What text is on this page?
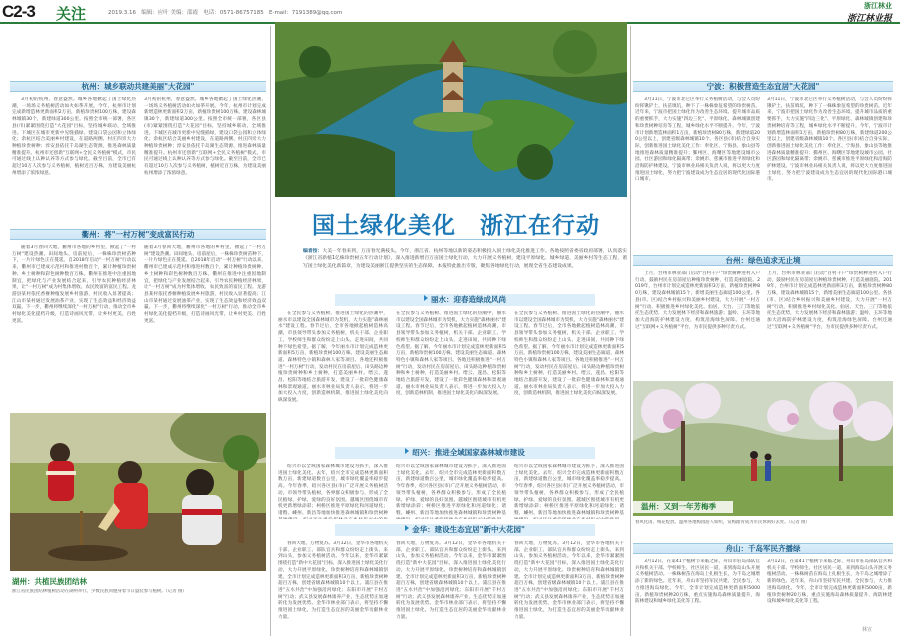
C2-3 关注	2019.3.16 编辑：应叶 美编：邵霞 电话：0571-86757185 E-mail：7191389@qq.com
浙江林业
浙江林业报
杭州：城乡联动共建美丽"大花园"
3月初的杭州，春意盎然。城乡各地掀起了国土绿化热潮，一场场义务植树活动如火如荼开展。今年，杭州市计划完成新增造林更新面积2万亩，新植珍贵树100万株，建设森林城镇30个，新建绿道300公里。按照全市统一部署，各区县(市)紧紧围绕打造"大花园"目标，坚持城乡联动、全域推进。下城区在城市更新中见缝插绿，建设口袋公园和立体绿化；余杭区结合美丽乡村建设，在道路两侧、村庄四旁大力种植珍贵树种；淳安县依托千岛湖生态资源，推进森林质量精准提升。杭州市还创新"互联网+全民义务植树"模式，市民可通过线上认种认养等方式参与绿化。截至目前，全市已有超过10万人次参与义务植树，植树近百万株，为建设美丽杭州增添了浓浓绿意。
3月初的杭州，春意盎然。城乡各地掀起了国土绿化热潮，一场场义务植树活动如火如荼开展。今年，杭州市计划完成新增造林更新面积2万亩，新植珍贵树100万株，建设森林城镇30个，新建绿道300公里。按照全市统一部署，各区县(市)紧紧围绕打造"大花园"目标，坚持城乡联动、全域推进。下城区在城市更新中见缝插绿，建设口袋公园和立体绿化；余杭区结合美丽乡村建设，在道路两侧、村庄四旁大力种植珍贵树种；淳安县依托千岛湖生态资源，推进森林质量精准提升。杭州市还创新"互联网+全民义务植树"模式，市民可通过线上认种认养等方式参与绿化。截至目前，全市已有超过10万人次参与义务植树，植树近百万株，为建设美丽杭州增添了浓浓绿意。
衢州：将"一村万树"变成富民行动
随着3月春回大地，衢州市各地的乡村里，掀起了"一村万树"建设热潮。田间地头、房前屋后，一株株珍贵树苗种下，一片片绿色正在蔓延。自2018年启动"一村万树"行动以来，衢州市已建成示范村和推进村数百个，累计种植珍贵树种、乡土树种和彩色树种数百万株。衢州在推进中注重因地制宜，把绿化与产业发展结合起来，引导农民种植经济林果，让"一村万树"成为村集体增收、农民致富的富民工程。龙游县某村依托香榧种植发展乡村旅游，村民收入显著提高；江山市某村通过发展油茶产业，实现了生态效益和经济效益双赢。下一步，衢州将继续深化"一村万树"行动，推动全市乡村绿化美化提档升级，打造诗画风光带，让乡村更美、百姓更富。
随着3月春回大地，衢州市各地的乡村里，掀起了"一村万树"建设热潮。田间地头、房前屋后，一株株珍贵树苗种下，一片片绿色正在蔓延。自2018年启动"一村万树"行动以来，衢州市已建成示范村和推进村数百个，累计种植珍贵树种、乡土树种和彩色树种数百万株。衢州在推进中注重因地制宜，把绿化与产业发展结合起来，引导农民种植经济林果，让"一村万树"成为村集体增收、农民致富的富民工程。龙游县某村依托香榧种植发展乡村旅游，村民收入显著提高；江山市某村通过发展油茶产业，实现了生态效益和经济效益双赢。下一步，衢州将继续深化"一村万树"行动，推动全市乡村绿化美化提档升级，打造诗画风光带，让乡村更美、百姓更富。
湖州：共植民族团结林
浙江省民族团结林植树活动在湖州举行。少数民族同胞身着节日盛装参与植树。（记者 摄）
国土绿化美化　浙江在行动
编者按：大美一年春来到，万亩春光满枝头。今年，浙江省、杭州等地以新的姿态积极投入国土绿化美化推进工作。各地按照省委省政府部署，认真落实《浙江省新植1亿株珍贵树五年行动计划》，深入推进新增百万亩国土绿化行动，大力开展义务植树，建设平原绿化、城乡绿道、美丽乡村等生态工程，谱写国土绿化美化新篇章，为建设美丽浙江提供坚实的生态保障。本报特此推出专版，聚焦各地绿化行动，展现全省生态建设成果。
丽水：迎春造绿成风尚
在全民参与义务植树、推进国土绿化的热潮中，丽水市以建设全国森林城市为契机，大力实施"森林丽水"建设工程。春节过后，全市各地掀起植树造林高潮，市县领导带头参加义务植树，机关干部、企业职工、学校师生和群众纷纷走上山头、走进田间，共同种下绿色希望。据了解，今年丽水市计划完成造林更新面积5万亩，新植珍贵树100万株，建设美丽生态廊道、森林特色小镇和森林人家等项目。各地还积极推进"一村万树"行动，发动村民在房前屋后、田头路边种植珍贵树种和乡土树种，打造美丽乡村。缙云、遂昌、松阳等地结合旅游开发，建设了一批彩色健康森林和景观通道。丽水市林业局负责人表示，将进一步加大投入力度，创新造林机制，推进国土绿化美化向纵深发展。
在全民参与义务植树、推进国土绿化的热潮中，丽水市以建设全国森林城市为契机，大力实施"森林丽水"建设工程。春节过后，全市各地掀起植树造林高潮，市县领导带头参加义务植树，机关干部、企业职工、学校师生和群众纷纷走上山头、走进田间，共同种下绿色希望。据了解，今年丽水市计划完成造林更新面积5万亩，新植珍贵树100万株，建设美丽生态廊道、森林特色小镇和森林人家等项目。各地还积极推进"一村万树"行动，发动村民在房前屋后、田头路边种植珍贵树种和乡土树种，打造美丽乡村。缙云、遂昌、松阳等地结合旅游开发，建设了一批彩色健康森林和景观通道。丽水市林业局负责人表示，将进一步加大投入力度，创新造林机制，推进国土绿化美化向纵深发展。
在全民参与义务植树、推进国土绿化的热潮中，丽水市以建设全国森林城市为契机，大力实施"森林丽水"建设工程。春节过后，全市各地掀起植树造林高潮，市县领导带头参加义务植树，机关干部、企业职工、学校师生和群众纷纷走上山头、走进田间，共同种下绿色希望。据了解，今年丽水市计划完成造林更新面积5万亩，新植珍贵树100万株，建设美丽生态廊道、森林特色小镇和森林人家等项目。各地还积极推进"一村万树"行动，发动村民在房前屋后、田头路边种植珍贵树种和乡土树种，打造美丽乡村。缙云、遂昌、松阳等地结合旅游开发，建设了一批彩色健康森林和景观通道。丽水市林业局负责人表示，将进一步加大投入力度，创新造林机制，推进国土绿化美化向纵深发展。
绍兴：推进全域国家森林城市建设
绍兴市以全域国家森林城市建设为抓手，深入推进国土绿化美化。去年，绍兴全市完成造林更新面积数万亩，新建绿道数百公里，城市绿化覆盖率稳步提高。今年春季，绍兴各区县(市)广泛开展义务植树活动，市领导带头植树，各界群众积极参与，形成了全民植绿、护绿、爱绿的良好氛围。越城区围绕城市有机更新增绿添彩；柯桥区推进平原绿化和河道绿化；诸暨、嵊州、新昌等地加快推进森林城镇和珍贵树种
绍兴市以全域国家森林城市建设为抓手，深入推进国土绿化美化。去年，绍兴全市完成造林更新面积数万亩，新建绿道数百公里，城市绿化覆盖率稳步提高。今年春季，绍兴各区县(市)广泛开展义务植树活动，市领导带头植树，各界群众积极参与，形成了全民植绿、护绿、爱绿的良好氛围。越城区围绕城市有机更新增绿添彩；柯桥区推进平原绿化和河道绿化；诸暨、嵊州、新昌等地加快推进森林城镇和珍贵树种基
绍兴市以全域国家森林城市建设为抓手，深入推进国土绿化美化。去年，绍兴全市完成造林更新面积数万亩，新建绿道数百公里，城市绿化覆盖率稳步提高。今年春季，绍兴各区县(市)广泛开展义务植树活动，市领导带头植树，各界群众积极参与，形成了全民植绿、护绿、爱绿的良好氛围。越城区围绕城市有机更新增绿添彩；柯桥区推进平原绿化和河道绿化；诸暨、嵊州、新昌等地加快推进森林城镇和珍贵树种基
金华：建设生态宜居"新中大花园"
春回大地，万物复苏。3月12日，金华市各地机关干部、企业职工、部队官兵和群众纷纷走上街头、来到山头，参加义务植树活动。今年以来，金华市紧紧围绕打造"新中大花园"目标，深入推进国土绿化美化行动，大力开展平原绿化、珍贵树种培育和森林城镇创建。全市计划完成造林更新面积3万亩，新植珍贵树种超百万株，创建省级森林城镇10个以上。浦江县在推进"五水共治"中加强沿河绿化；东阳市开展"千村万树"行动；武义县发展森林康养产业，生态优势正加速转化为发展优势。金华市林业部门表示，将坚持不懈推进国土绿化，为打造生态宜居的美丽金华贡献林业力量。
春回大地，万物复苏。3月12日，金华市各地机关干部、企业职工、部队官兵和群众纷纷走上街头、来到山头，参加义务植树活动。今年以来，金华市紧紧围绕打造"新中大花园"目标，深入推进国土绿化美化行动，大力开展平原绿化、珍贵树种培育和森林城镇创建。全市计划完成造林更新面积3万亩，新植珍贵树种超百万株，创建省级森林城镇10个以上。浦江县在推进"五水共治"中加强沿河绿化；东阳市开展"千村万树"行动；武义县发展森林康养产业，生态优势正加速转化为发展优势。金华市林业部门表示，将坚持不懈推进国土绿化，为打造生态宜居的美丽金华贡献林业力量。
春回大地，万物复苏。3月12日，金华市各地机关干部、企业职工、部队官兵和群众纷纷走上街头、来到山头，参加义务植树活动。今年以来，金华市紧紧围绕打造"新中大花园"目标，深入推进国土绿化美化行动，大力开展平原绿化、珍贵树种培育和森林城镇创建。全市计划完成造林更新面积3万亩，新植珍贵树种超百万株，创建省级森林城镇10个以上。浦江县在推进"五水共治"中加强沿河绿化；东阳市开展"千村万树"行动；武义县发展森林康养产业，生态优势正加速转化为发展优势。金华市林业部门表示，将坚持不懈推进国土绿化，为打造生态宜居的美丽金华贡献林业力量。
宁波：积极营造生态宜居"大花园"
3月11日，宁波市北仑区举行义务植树活动，与会人员纷纷挥锹铲土、扶苗填坑，种下了一株株象征希望的珍贵树苗。近年来，宁波市把国土绿化作为改善生态环境、提升城市品质的重要抓手，大力实施"四边三化"、平原绿化、森林城镇创建和珍贵树种培育等工程，城乡绿化水平不断提升。今年，宁波市计划新增造林面积1万亩，新植珍贵树80万株，新建绿道200公里以上，创建省级森林城镇10个。各区县(市)结合自身实际，创新推进国土绿化美化工作：奉化区、宁海县、象山县等地推进森林质量精准提升；鄞州区、海曙区等地建设城市公园、社区游园和绿化隔离带；余姚市、慈溪市推进平原绿化和沿海防护林建设。宁波市林业局相关负责人说，将以更大力度推进国土绿化，努力把宁波建设成为生态宜居的现代化国际港口城市。
3月11日，宁波市北仑区举行义务植树活动，与会人员纷纷挥锹铲土、扶苗填坑，种下了一株株象征希望的珍贵树苗。近年来，宁波市把国土绿化作为改善生态环境、提升城市品质的重要抓手，大力实施"四边三化"、平原绿化、森林城镇创建和珍贵树种培育等工程，城乡绿化水平不断提升。今年，宁波市计划新增造林面积1万亩，新植珍贵树80万株，新建绿道200公里以上，创建省级森林城镇10个。各区县(市)结合自身实际，创新推进国土绿化美化工作：奉化区、宁海县、象山县等地推进森林质量精准提升；鄞州区、海曙区等地建设城市公园、社区游园和绿化隔离带；余姚市、慈溪市推进平原绿化和沿海防护林建设。宁波市林业局相关负责人说，将以更大力度推进国土绿化，努力把宁波建设成为生态宜居的现代化国际港口城市。
台州：绿色追求无止境
上月，台州市林业部门启动"百村千户"珍贵树种进村入户行动，鼓励村民在房前屋后种植珍贵树种，打造美丽庭院。2019年，台州市计划完成造林更新面积3万亩，新植珍贵树种80万株，建设森林城镇15个，新增美丽生态廊道100公里。各县(市、区)结合乡村振兴和美丽乡村建设，大力开展"一村万树"行动，积极推进乡村绿化美化。仙居、天台、三门等地依托生态优势，大力发展林下经济和森林旅游；温岭、玉环等地加大沿海防护林建设力度，构筑沿海绿色屏障。台州还通过"互联网+义务植树"平台，为市民提供多种尽责方式。
上月，台州市林业部门启动"百村千户"珍贵树种进村入户行动，鼓励村民在房前屋后种植珍贵树种，打造美丽庭院。2019年，台州市计划完成造林更新面积3万亩，新植珍贵树种80万株，建设森林城镇15个，新增美丽生态廊道100公里。各县(市、区)结合乡村振兴和美丽乡村建设，大力开展"一村万树"行动，积极推进乡村绿化美化。仙居、天台、三门等地依托生态优势，大力发展林下经济和森林旅游；温岭、玉环等地加大沿海防护林建设力度，构筑沿海绿色屏障。台州还通过"互联网+义务植树"平台，为市民提供多种尽责方式。
温州：又到一年芳梅季
春风化雨，梅花绽放。温州各地梅园游人如织，赏梅踏青成为市民休闲好去处。（记者 摄）
舟山：千岛军民齐播绿
3月12日，在第41个植树节来临之际，舟山市驻岛部队官兵和机关干部、学校师生、社区居民一道，来到海岛山头开展义务植树活动。一株株树苗在海岛上扎根生长，为千岛之城增添了新的绿色。近年来，舟山市坚持军民共建、全民参与，大力推进海岛绿化。今年，全市计划完成造林更新面积5000亩，新植珍贵树种20万株，重点实施海岛森林质量提升、海防林建设和城乡绿化美化等工程。
3月12日，在第41个植树节来临之际，舟山市驻岛部队官兵和机关干部、学校师生、社区居民一道，来到海岛山头开展义务植树活动。一株株树苗在海岛上扎根生长，为千岛之城增添了新的绿色。近年来，舟山市坚持军民共建、全民参与，大力推进海岛绿化。今年，全市计划完成造林更新面积5000亩，新植珍贵树种20万株，重点实施海岛森林质量提升、海防林建设和城乡绿化美化等工程。
林宣
